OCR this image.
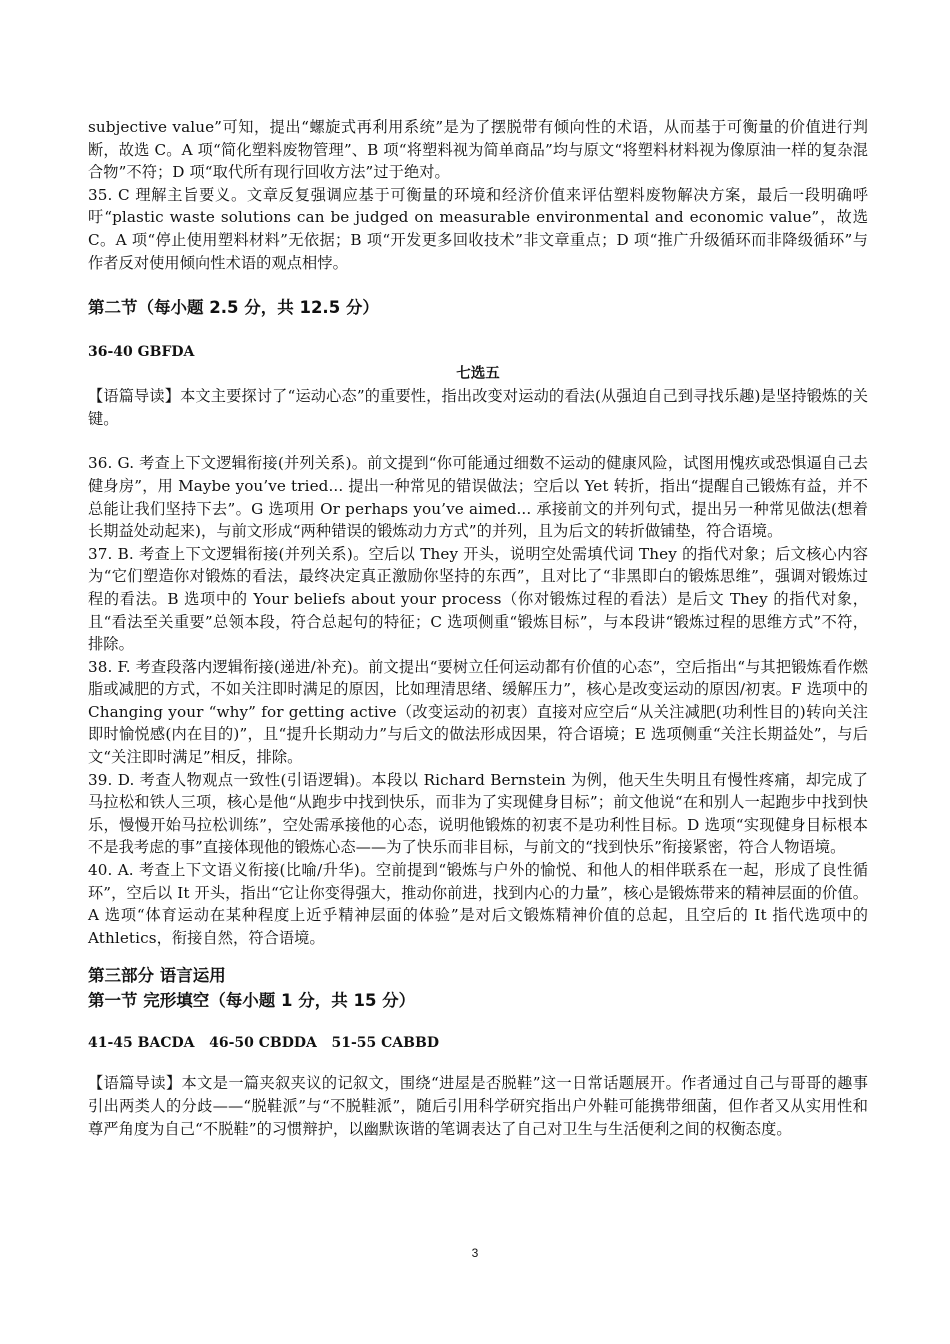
subjective value”可知，提出“螺旋式再利用系统”是为了摆脱带有倾向性的术语，从而基于可衡量的价值进行判断，故选 C。A 项“简化塑料废物管理”、B 项“将塑料视为简单商品”均与原文“将塑料材料视为像原油一样的复杂混合物”不符；D 项“取代所有现行回收方法”过于绝对。

35. C 理解主旨要义。文章反复强调应基于可衡量的环境和经济价值来评估塑料废物解决方案，最后一段明确呼吁“plastic waste solutions can be judged on measurable environmental and economic value”，故选 C。A 项“停止使用塑料材料”无依据；B 项“开发更多回收技术”非文章重点；D 项“推广升级循环而非降级循环”与作者反对使用倾向性术语的观点相悖。

第二节（每小题 2.5 分，共 12.5 分）

36-40 GBFDA

七选五

【语篇导读】本文主要探讨了“运动心态”的重要性，指出改变对运动的看法(从强迫自己到寻找乐趣)是坚持锻炼的关键。

36. G. 考查上下文逻辑衔接(并列关系)。前文提到“你可能通过细数不运动的健康风险，试图用愧疚或恐惧逼自己去健身房”，用 Maybe you’ve tried... 提出一种常见的错误做法；空后以 Yet 转折，指出“提醒自己锻炼有益，并不总能让我们坚持下去”。G 选项用 Or perhaps you’ve aimed... 承接前文的并列句式，提出另一种常见做法(想着长期益处动起来)，与前文形成“两种错误的锻炼动力方式”的并列，且为后文的转折做铺垫，符合语境。

37. B. 考查上下文逻辑衔接(并列关系)。空后以 They 开头，说明空处需填代词 They 的指代对象；后文核心内容为“它们塑造你对锻炼的看法，最终决定真正激励你坚持的东西”，且对比了“非黑即白的锻炼思维”，强调对锻炼过程的看法。B 选项中的 Your beliefs about your process（你对锻炼过程的看法）是后文 They 的指代对象，且“看法至关重要”总领本段，符合总起句的特征；C 选项侧重“锻炼目标”，与本段讲“锻炼过程的思维方式”不符，排除。

38. F. 考查段落内逻辑衔接(递进/补充)。前文提出“要树立任何运动都有价值的心态”，空后指出“与其把锻炼看作燃脂或减肥的方式，不如关注即时满足的原因，比如理清思绪、缓解压力”，核心是改变运动的原因/初衷。F 选项中的 Changing your “why” for getting active（改变运动的初衷）直接对应空后“从关注减肥(功利性目的)转向关注即时愉悦感(内在目的)”，且“提升长期动力”与后文的做法形成因果，符合语境；E 选项侧重“关注长期益处”，与后文“关注即时满足”相反，排除。

39. D. 考查人物观点一致性(引语逻辑)。本段以 Richard Bernstein 为例，他天生失明且有慢性疼痛，却完成了马拉松和铁人三项，核心是他“从跑步中找到快乐，而非为了实现健身目标”；前文他说“在和别人一起跑步中找到快乐，慢慢开始马拉松训练”，空处需承接他的心态，说明他锻炼的初衷不是功利性目标。D 选项“实现健身目标根本不是我考虑的事”直接体现他的锻炼心态——为了快乐而非目标，与前文的“找到快乐”衔接紧密，符合人物语境。

40. A. 考查上下文语义衔接(比喻/升华)。空前提到“锻炼与户外的愉悦、和他人的相伴联系在一起，形成了良性循环”，空后以 It 开头，指出“它让你变得强大，推动你前进，找到内心的力量”，核心是锻炼带来的精神层面的价值。A 选项“体育运动在某种程度上近乎精神层面的体验”是对后文锻炼精神价值的总起，且空后的 It 指代选项中的 Athletics，衔接自然，符合语境。

第三部分 语言运用

第一节 完形填空（每小题 1 分，共 15 分）

41-45 BACDA   46-50 CBDDA   51-55 CABBD

【语篇导读】本文是一篇夹叙夹议的记叙文，围绕“进屋是否脱鞋”这一日常话题展开。作者通过自己与哥哥的趣事引出两类人的分歧——“脱鞋派”与“不脱鞋派”，随后引用科学研究指出户外鞋可能携带细菌，但作者又从实用性和尊严角度为自己“不脱鞋”的习惯辩护，以幽默诙谐的笔调表达了自己对卫生与生活便利之间的权衡态度。

3
